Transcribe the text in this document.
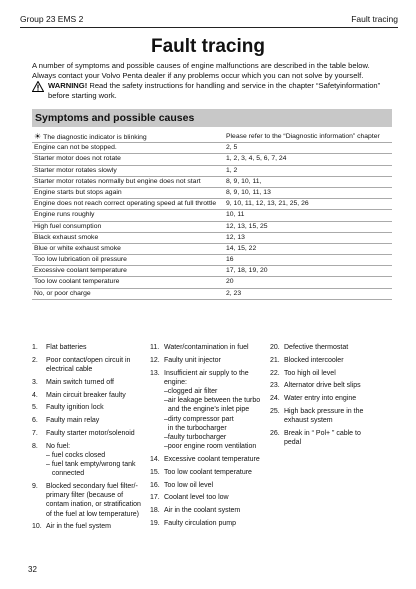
Group 23 EMS 2	Fault tracing
Fault tracing
A number of symptoms and possible causes of engine malfunctions are described in the table below. Always contact your Volvo Penta dealer if any problems occur which you can not solve by yourself.
WARNING! Read the safety instructions for handling and service in the chapter “Safetyinformation” before starting work.
Symptoms and possible causes
☀ The diagnostic indicator is blinking	Please refer to the “Diagnostic information” chapter
Engine can not be stopped.	2, 5
Starter motor does not rotate	1, 2, 3, 4, 5, 6, 7, 24
Starter motor rotates slowly	1, 2
Starter motor rotates normally but engine does not start	8, 9, 10, 11,
Engine starts but stops again	8, 9, 10, 11, 13
Engine does not reach correct operating speed at full throttle 9, 10, 11, 12, 13, 21, 25, 26
Engine runs roughly	10, 11
High fuel consumption	12, 13, 15, 25
Black exhaust smoke	12, 13
Blue or white exhaust smoke	14, 15, 22
Too low lubrication oil pressure	16
Excessive coolant temperature	17, 18, 19, 20
Too low coolant temperature	20
No, or poor charge	2, 23
1. Flat batteries
2. Poor contact/open circuit in
electrical cable
3. Main switch turned off
4. Main circuit breaker faulty
5. Faulty ignition lock
6. Faulty main relay
7. Faulty starter motor/solenoid
8. No fuel:
– fuel cocks closed
– fuel tank empty/wrong tank
connected
9. Blocked secondary fuel filter/-
primary filter (because of
contam ination, or stratification
of the fuel at low temperature)
10. Air in the fuel system
11. Water/contamination in fuel
12. Faulty unit injector
13. Insufficient air supply to the
engine:
–clogged air filter
–air leakage between the turbo
and the engine’s inlet pipe
–dirty compressor part
in the turbocharger
–faulty turbocharger
–poor engine room ventilation
14. Excessive coolant temperature
15. Too low coolant temperature
16. Too low oil level
17. Coolant level too low
18. Air in the coolant system
19. Faulty circulation pump
20. Defective thermostat
21. Blocked intercooler
22. Too high oil level
23. Alternator drive belt slips
24. Water entry into engine
25. High back pressure in the
exhaust system
26. Break in “ Pol+ ” cable to
pedal
32
